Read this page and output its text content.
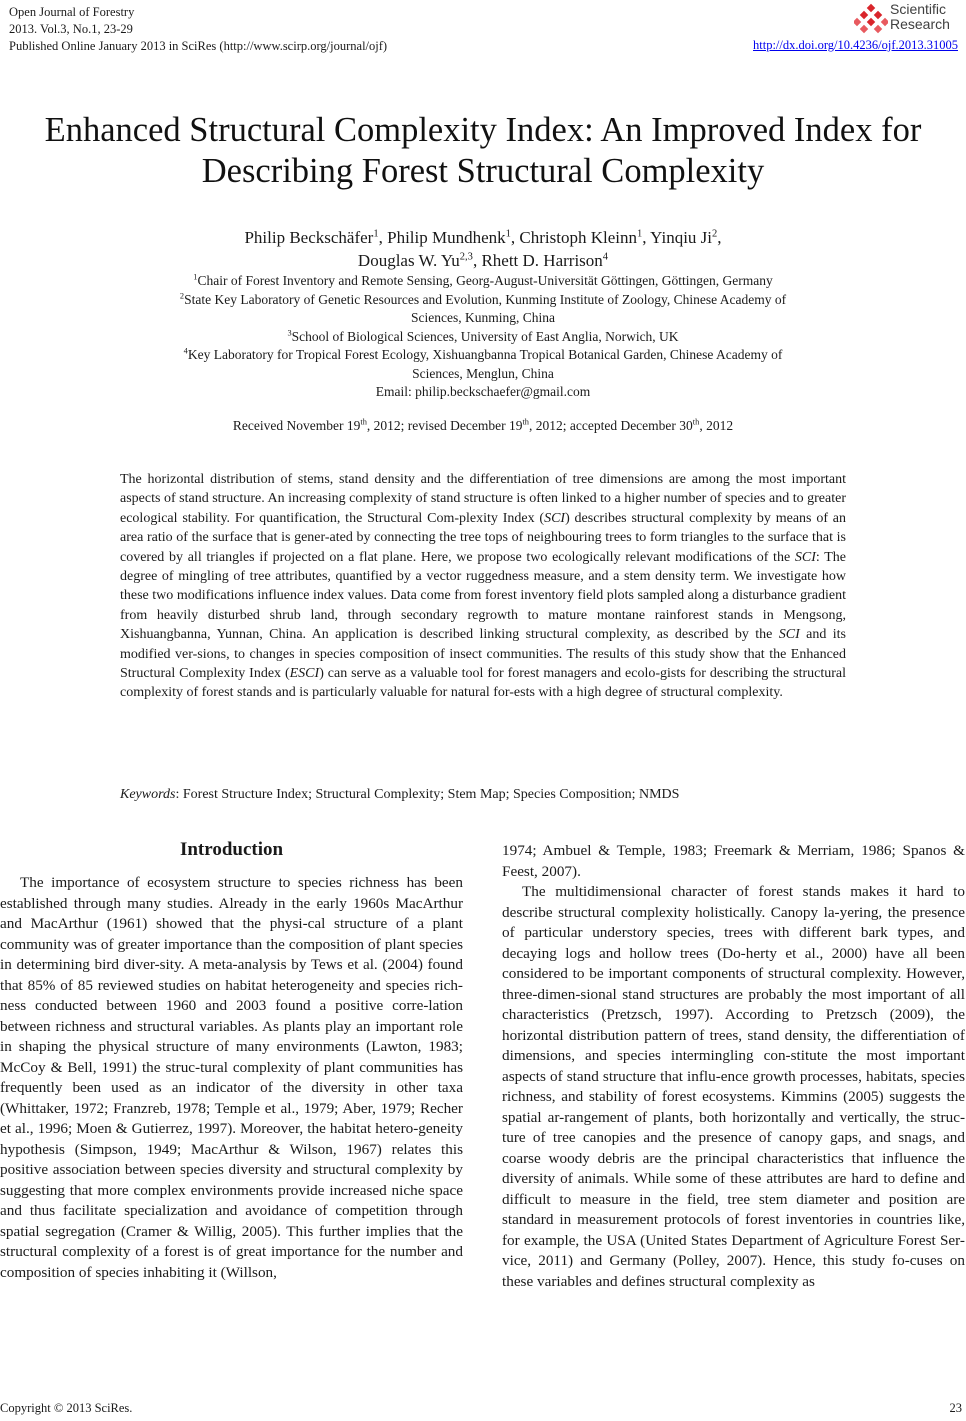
Open Journal of Forestry
2013. Vol.3, No.1, 23-29
Published Online January 2013 in SciRes (http://www.scirp.org/journal/ojf)
Scientific
Research
http://dx.doi.org/10.4236/ojf.2013.31005
Enhanced Structural Complexity Index: An Improved Index for
Describing Forest Structural Complexity
Philip Beckschäfer$^1$, Philip Mundhenk$^1$, Christoph Kleinn$^1$, Yinqiu Ji$^2$,
Douglas W. Yu$^{2,3}$, Rhett D. Harrison$^4$
$^1$Chair of Forest Inventory and Remote Sensing, Georg-August-Universität Göttingen, Göttingen, Germany
$^2$State Key Laboratory of Genetic Resources and Evolution, Kunming Institute of Zoology, Chinese Academy of
Sciences, Kunming, China
$^3$School of Biological Sciences, University of East Anglia, Norwich, UK
$^4$Key Laboratory for Tropical Forest Ecology, Xishuangbanna Tropical Botanical Garden, Chinese Academy of
Sciences, Menglun, China
Email: philip.beckschaefer@gmail.com
Received November 19th, 2012; revised December 19th, 2012; accepted December 30th, 2012
The horizontal distribution of stems, stand density and the differentiation of tree dimensions are among the most important aspects of stand structure. An increasing complexity of stand structure is often linked to a higher number of species and to greater ecological stability. For quantification, the Structural Com-plexity Index (SCI) describes structural complexity by means of an area ratio of the surface that is gener-ated by connecting the tree tops of neighbouring trees to form triangles to the surface that is covered by all triangles if projected on a flat plane. Here, we propose two ecologically relevant modifications of the SCI: The degree of mingling of tree attributes, quantified by a vector ruggedness measure, and a stem density term. We investigate how these two modifications influence index values. Data come from forest inventory field plots sampled along a disturbance gradient from heavily disturbed shrub land, through secondary regrowth to mature montane rainforest stands in Mengsong, Xishuangbanna, Yunnan, China. An application is described linking structural complexity, as described by the SCI and its modified ver-sions, to changes in species composition of insect communities. The results of this study show that the Enhanced Structural Complexity Index (ESCI) can serve as a valuable tool for forest managers and ecolo-gists for describing the structural complexity of forest stands and is particularly valuable for natural for-ests with a high degree of structural complexity.
Keywords: Forest Structure Index; Structural Complexity; Stem Map; Species Composition; NMDS
Introduction
The importance of ecosystem structure to species richness has been established through many studies. Already in the early 1960s MacArthur and MacArthur (1961) showed that the physi-cal structure of a plant community was of greater importance than the composition of plant species in determining bird diver-sity. A meta-analysis by Tews et al. (2004) found that 85% of 85 reviewed studies on habitat heterogeneity and species rich-ness conducted between 1960 and 2003 found a positive corre-lation between richness and structural variables. As plants play an important role in shaping the physical structure of many environments (Lawton, 1983; McCoy & Bell, 1991) the struc-tural complexity of plant communities has frequently been used as an indicator of the diversity in other taxa (Whittaker, 1972; Franzreb, 1978; Temple et al., 1979; Aber, 1979; Recher et al., 1996; Moen & Gutierrez, 1997). Moreover, the habitat hetero-geneity hypothesis (Simpson, 1949; MacArthur & Wilson, 1967) relates this positive association between species diversity and structural complexity by suggesting that more complex environments provide increased niche space and thus facilitate specialization and avoidance of competition through spatial segregation (Cramer & Willig, 2005). This further implies that the structural complexity of a forest is of great importance for the number and composition of species inhabiting it (Willson,
1974; Ambuel & Temple, 1983; Freemark & Merriam, 1986; Spanos & Feest, 2007).
The multidimensional character of forest stands makes it hard to describe structural complexity holistically. Canopy la-yering, the presence of particular understory species, trees with different bark types, and decaying logs and hollow trees (Do-herty et al., 2000) have all been considered to be important components of structural complexity. However, three-dimen-sional stand structures are probably the most important of all characteristics (Pretzsch, 1997). According to Pretzsch (2009), the horizontal distribution pattern of trees, stand density, the differentiation of dimensions, and species intermingling con-stitute the most important aspects of stand structure that influ-ence growth processes, habitats, species richness, and stability of forest ecosystems. Kimmins (2005) suggests the spatial ar-rangement of plants, both horizontally and vertically, the struc-ture of tree canopies and the presence of canopy gaps, and snags, and coarse woody debris are the principal characteristics that influence the diversity of animals. While some of these attributes are hard to define and difficult to measure in the field, tree stem diameter and position are standard in measurement protocols of forest inventories in countries like, for example, the USA (United States Department of Agriculture Forest Ser-vice, 2011) and Germany (Polley, 2007). Hence, this study fo-cuses on these variables and defines structural complexity as
Copyright © 2013 SciRes.	23
